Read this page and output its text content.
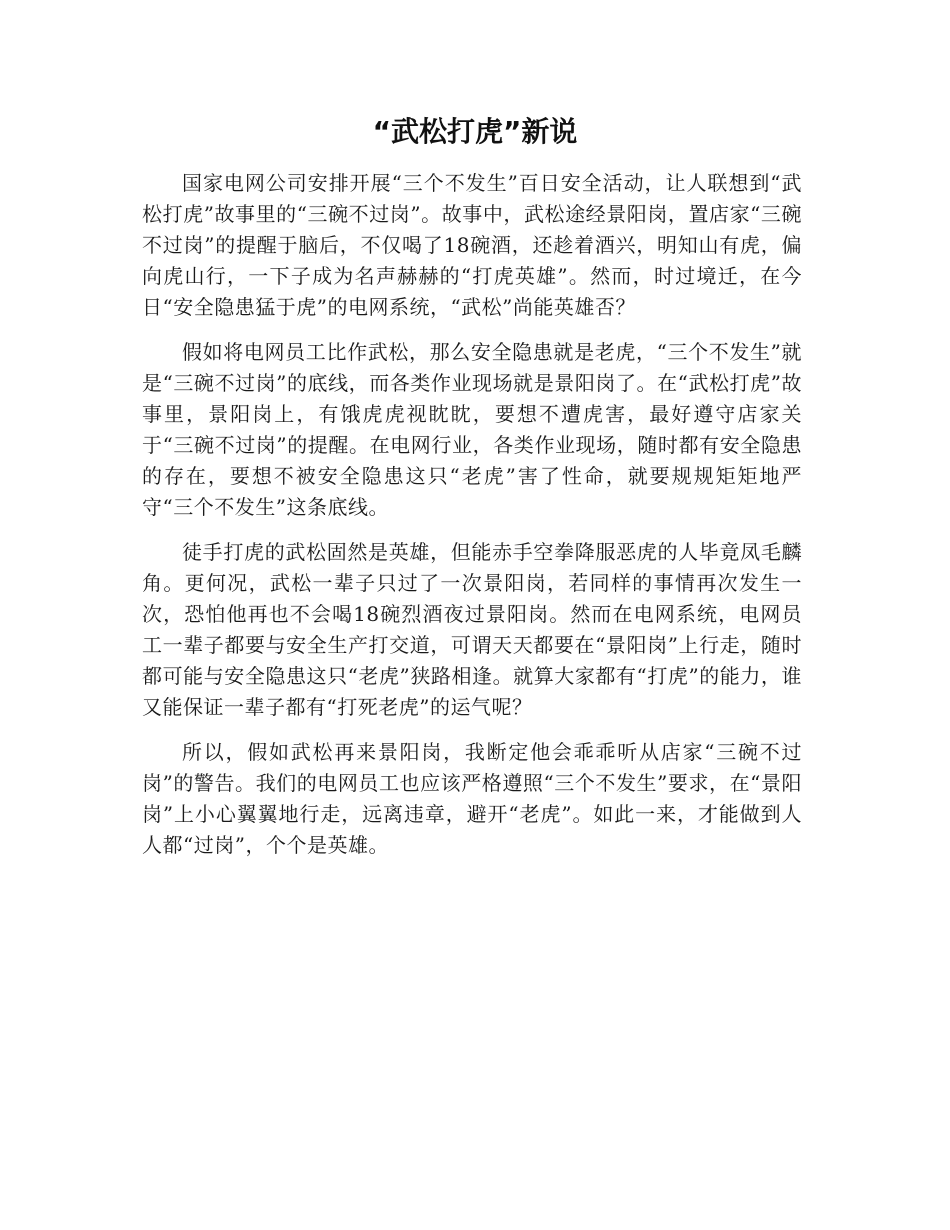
“武松打虎”新说

国家电网公司安排开展“三个不发生”百日安全活动，让人联想到“武松打虎”故事里的“三碗不过岗”。故事中，武松途经景阳岗，置店家“三碗不过岗”的提醒于脑后，不仅喝了18碗酒，还趁着酒兴，明知山有虎，偏向虎山行，一下子成为名声赫赫的“打虎英雄”。然而，时过境迁，在今日“安全隐患猛于虎”的电网系统，“武松”尚能英雄否？

假如将电网员工比作武松，那么安全隐患就是老虎，“三个不发生”就是“三碗不过岗”的底线，而各类作业现场就是景阳岗了。在“武松打虎”故事里，景阳岗上，有饿虎虎视眈眈，要想不遭虎害，最好遵守店家关于“三碗不过岗”的提醒。在电网行业，各类作业现场，随时都有安全隐患的存在，要想不被安全隐患这只“老虎”害了性命，就要规规矩矩地严守“三个不发生”这条底线。

徒手打虎的武松固然是英雄，但能赤手空拳降服恶虎的人毕竟凤毛麟角。更何况，武松一辈子只过了一次景阳岗，若同样的事情再次发生一次，恐怕他再也不会喝18碗烈酒夜过景阳岗。然而在电网系统，电网员工一辈子都要与安全生产打交道，可谓天天都要在“景阳岗”上行走，随时都可能与安全隐患这只“老虎”狭路相逢。就算大家都有“打虎”的能力，谁又能保证一辈子都有“打死老虎”的运气呢？

所以，假如武松再来景阳岗，我断定他会乖乖听从店家“三碗不过岗”的警告。我们的电网员工也应该严格遵照“三个不发生”要求，在“景阳岗”上小心翼翼地行走，远离违章，避开“老虎”。如此一来，才能做到人人都“过岗”，个个是英雄。
